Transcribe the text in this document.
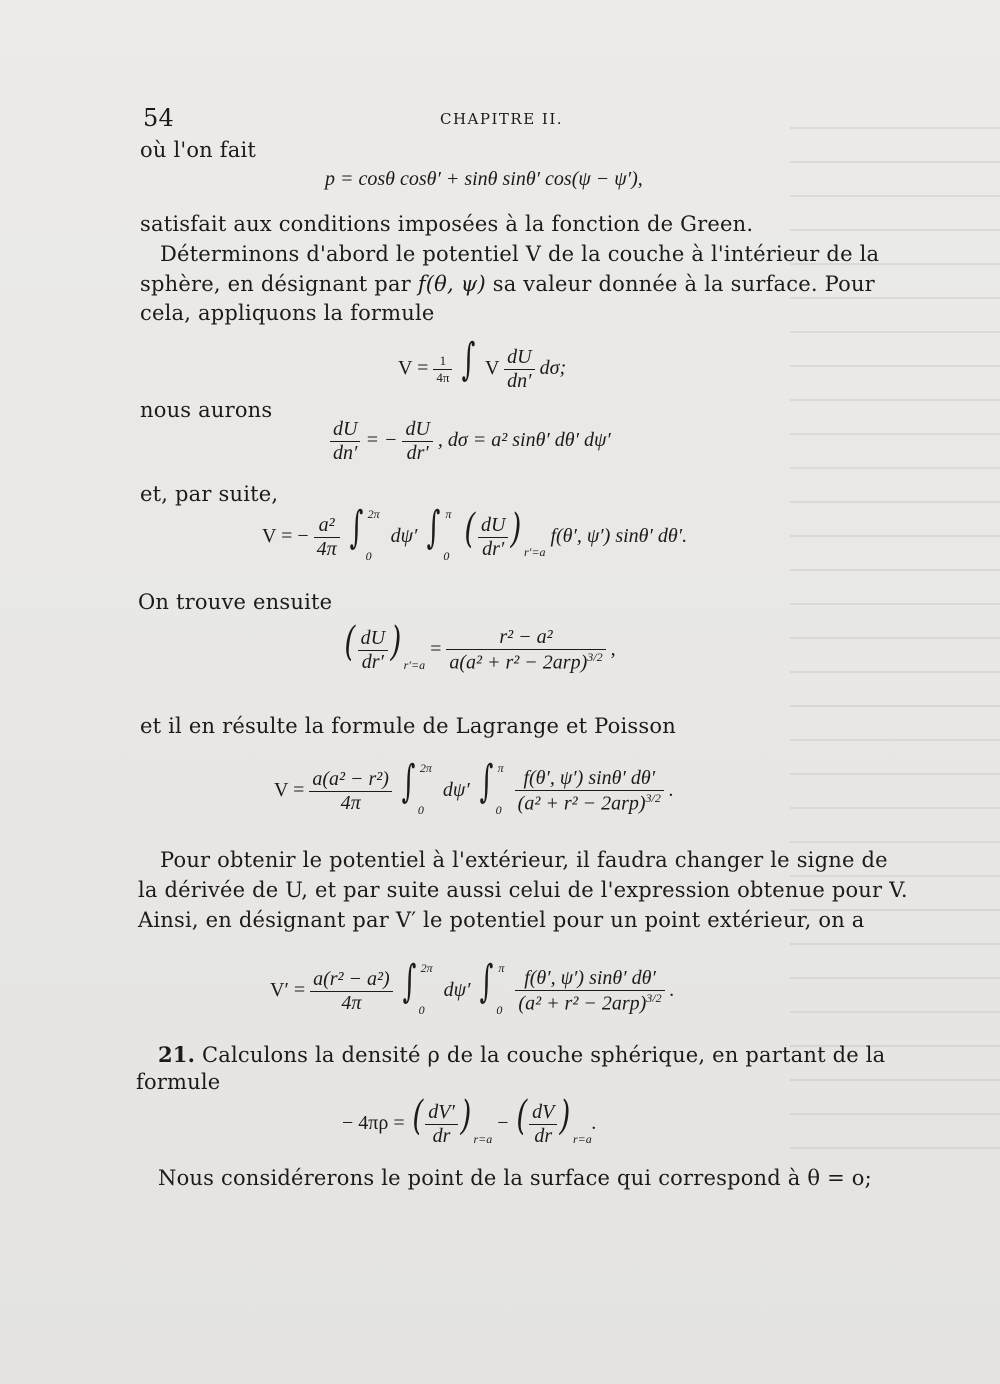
54	CHAPITRE II.
où l'on fait
p = cosθ cosθ′ + sinθ sinθ′ cos(ψ − ψ′),
satisfait aux conditions imposées à la fonction de Green.
Déterminons d'abord le potentiel V de la couche à l'intérieur de la
sphère, en désignant par f(θ, ψ) sa valeur donnée à la surface. Pour
cela, appliquons la formule
$V = \frac{1}{4\pi}$ ∫ V $\frac{dU}{dn'} d\sigma$;
nous aurons
$\frac{dU}{dn'}$ = − $\frac{dU}{dr'}$ , dσ = a² sinθ′ dθ′ dψ′
et, par suite,
V = − $\frac{\text{a²}}{4\pi}$ ∫ $^{2\pi}_0$ dψ′ ∫ $^\pi_0$ ( $\frac{dU}{dr'}$ ) $_{r'=a}$ f(θ′, ψ′) sinθ′ dθ′.
On trouve ensuite
( $\frac{dU}{dr'}$ ) $_{r'=a} = \frac{\text{r² − a²}}{a(a^2 + r^2 - 2arp)^{3/2}}$ ,
et il en résulte la formule de Lagrange et Poisson
$V = \frac{\text{a(a² − r²)}}{4\pi}$ ∫ $^{2\pi}_0$ dψ′ ∫ $^\pi_0 \frac{f(\theta', \psi') \sin\theta' d\theta'}{(a^2 + r^2 - 2arp)^{3/2}}$ .
Pour obtenir le potentiel à l'extérieur, il faudra changer le signe de
la dérivée de U, et par suite aussi celui de l'expression obtenue pour V.
Ainsi, en désignant par V′ le potentiel pour un point extérieur, on a
$V' = \frac{\text{a(r² − a²)}}{4\pi}$ ∫ $^{2\pi}_0$ dψ′ ∫ $^\pi_0 \frac{f(\theta', \psi') \sin\theta' d\theta'}{(a^2 + r^2 - 2arp)^{3/2}}$ .
21. Calculons la densité ρ de la couche sphérique, en partant de la
formule
− 4πρ = ( $\frac{dV'}{dr}$ ) $_{r=a}$ − ( $\frac{dV}{dr}$ ) $_{r=a}$.
Nous considérerons le point de la surface qui correspond à θ = o;
